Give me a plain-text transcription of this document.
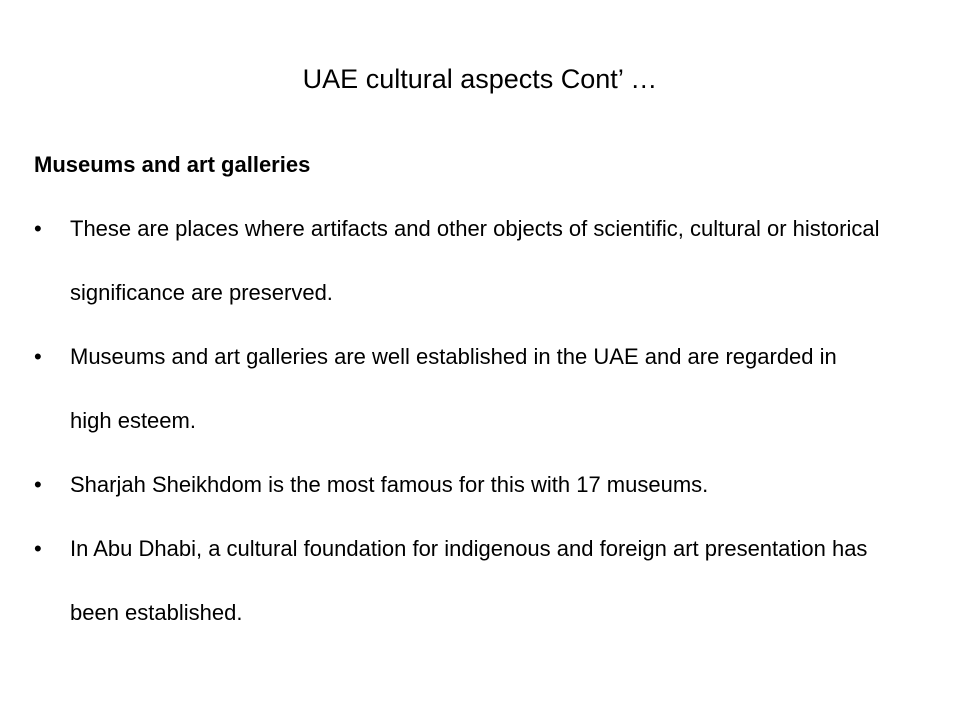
UAE cultural aspects Cont’ …
Museums and art galleries
• These are places where artifacts and other objects of scientific, cultural or historical significance are preserved.
• Museums and art galleries are well established in the UAE and are regarded in high esteem.
• Sharjah Sheikhdom is the most famous for this with 17 museums.
• In Abu Dhabi, a cultural foundation for indigenous and foreign art presentation has been established.
